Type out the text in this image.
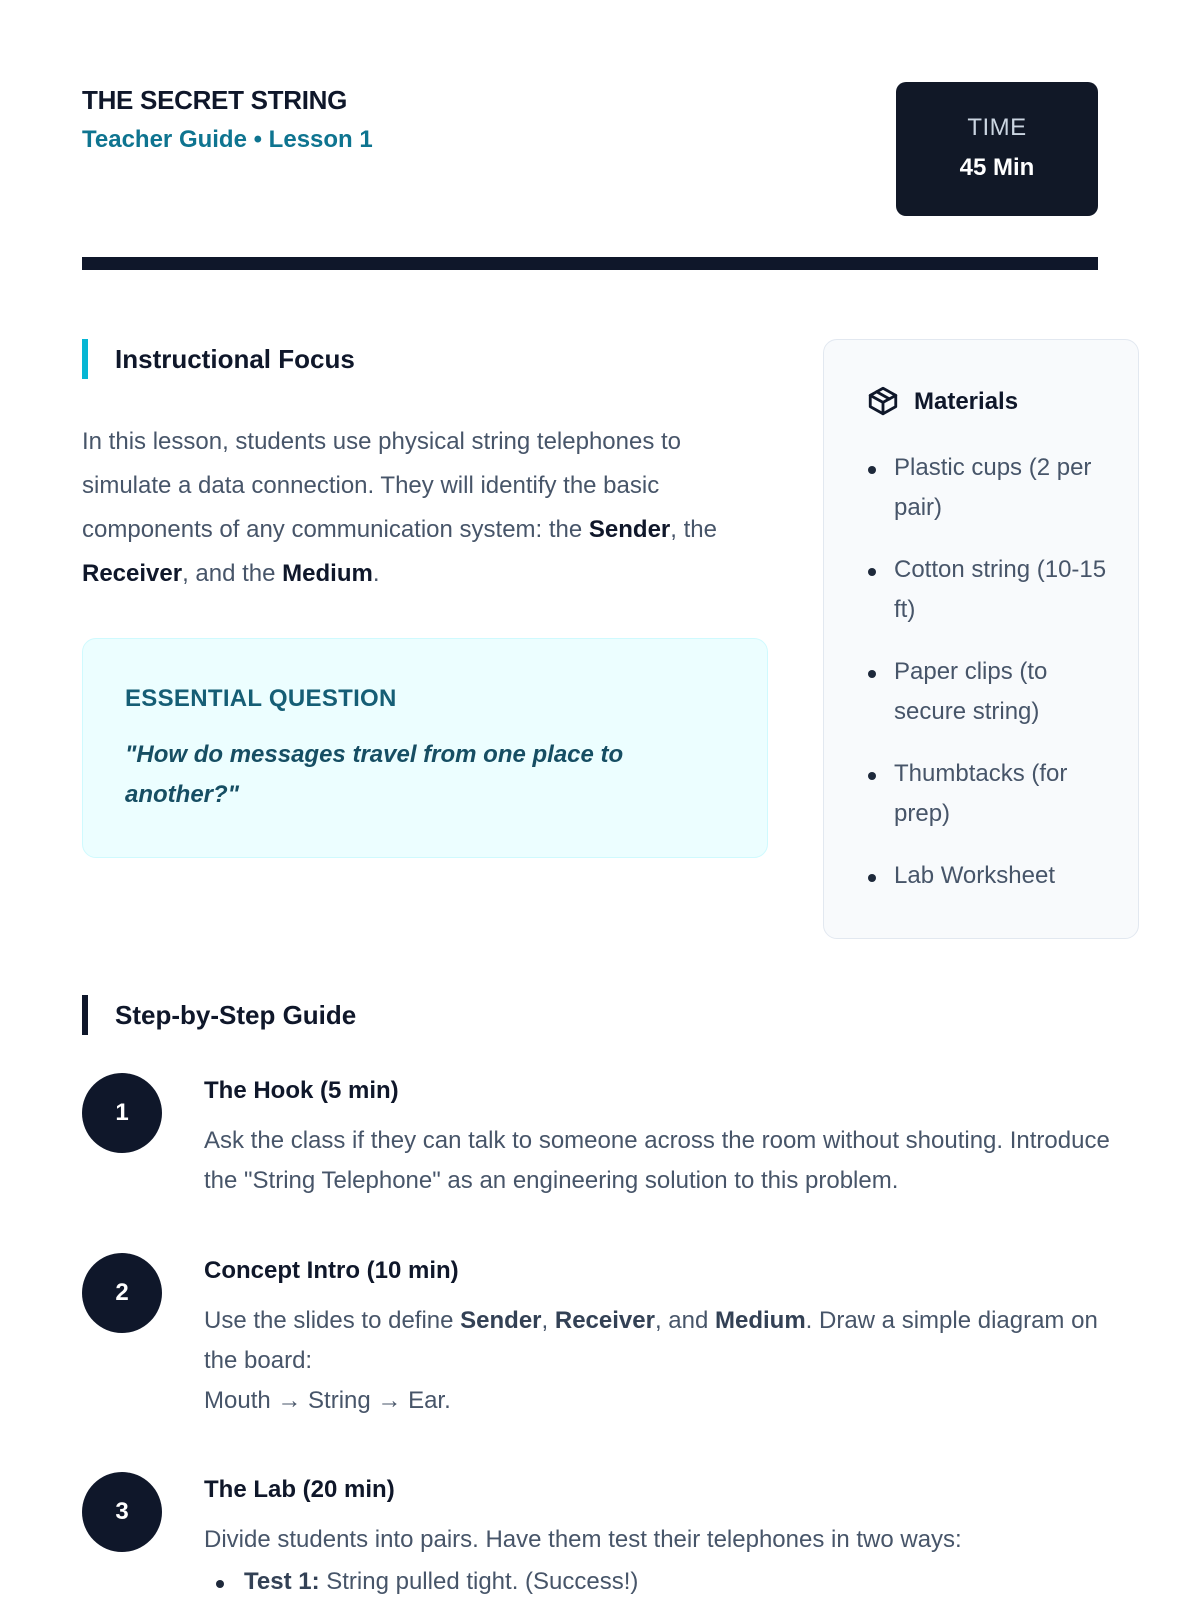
THE SECRET STRING
Teacher Guide • Lesson 1	TIME
45 Min
Instructional Focus

In this lesson, students use physical string telephones to simulate a data connection. They will identify the basic components of any communication system: the Sender, the Receiver, and the Medium.

ESSENTIAL QUESTION
"How do messages travel from one place to another?"
Materials
Plastic cups (2 per pair)
Cotton string (10-15 ft)
Paper clips (to secure string)
Thumbtacks (for prep)
Lab Worksheet
Step-by-Step Guide
1
The Hook (5 min)
Ask the class if they can talk to someone across the room without shouting. Introduce the "String Telephone" as an engineering solution to this problem.
2
Concept Intro (10 min)
Use the slides to define Sender, Receiver, and Medium. Draw a simple diagram on the board:
Mouth → String → Ear.
3
The Lab (20 min)
Divide students into pairs. Have them test their telephones in two ways:
Test 1: String pulled tight. (Success!)
